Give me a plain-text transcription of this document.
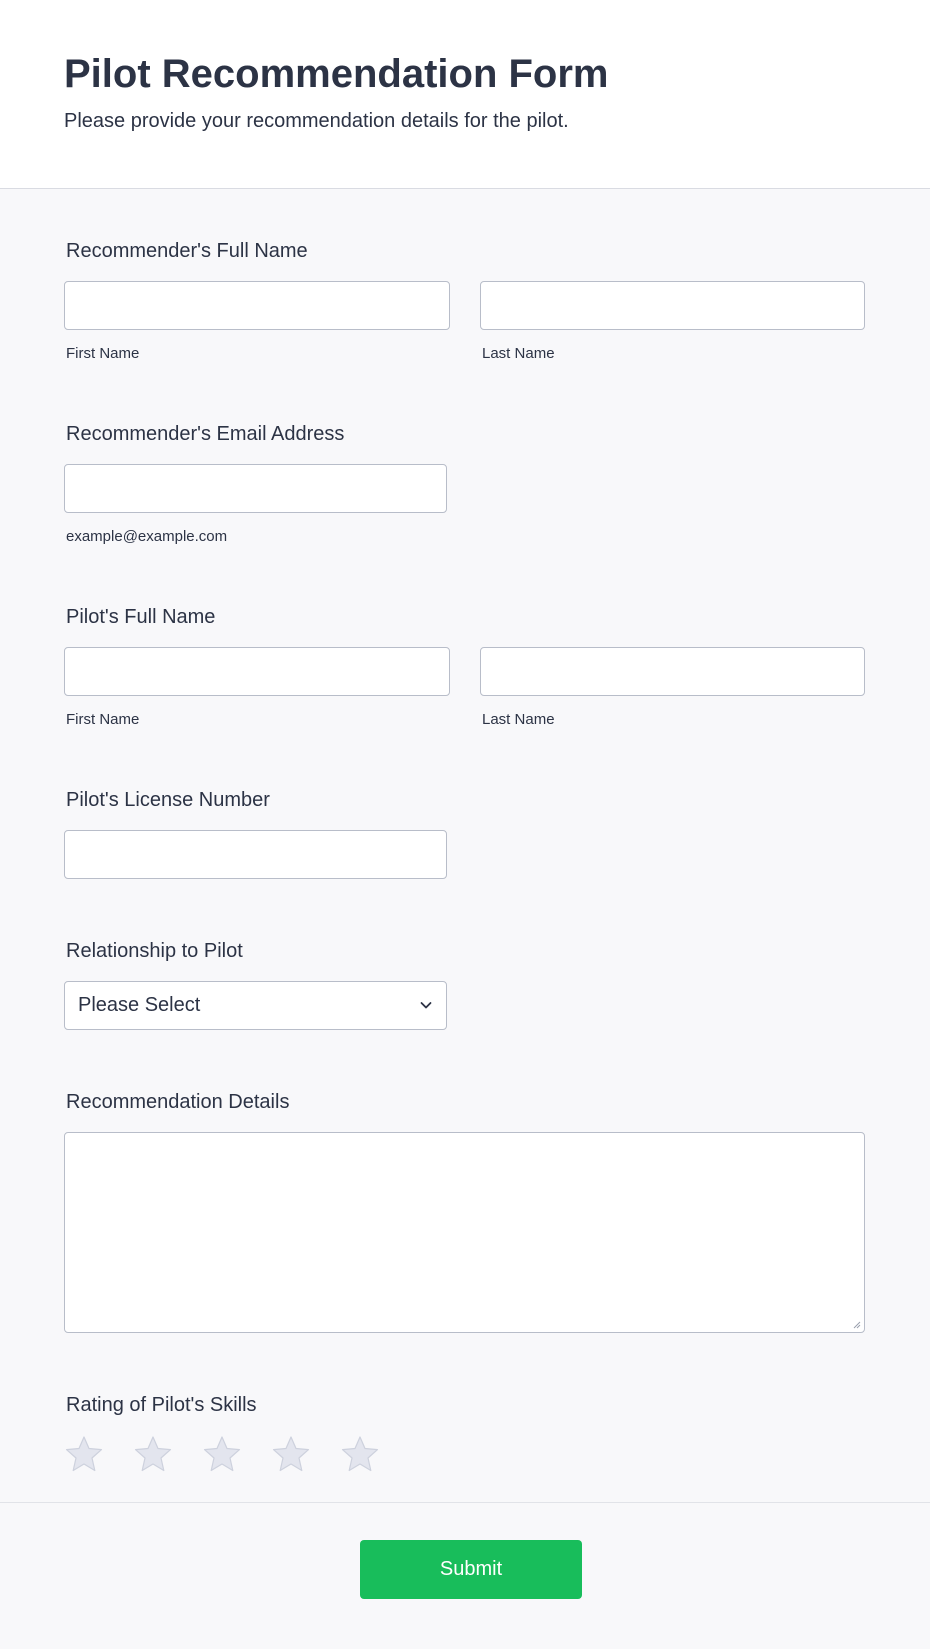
Pilot Recommendation Form
Please provide your recommendation details for the pilot.
Recommender's Full Name
First Name	Last Name
Recommender's Email Address
example@example.com
Pilot's Full Name
First Name	Last Name
Pilot's License Number
Relationship to Pilot
Please Select
Recommendation Details
Rating of Pilot's Skills
Submit
